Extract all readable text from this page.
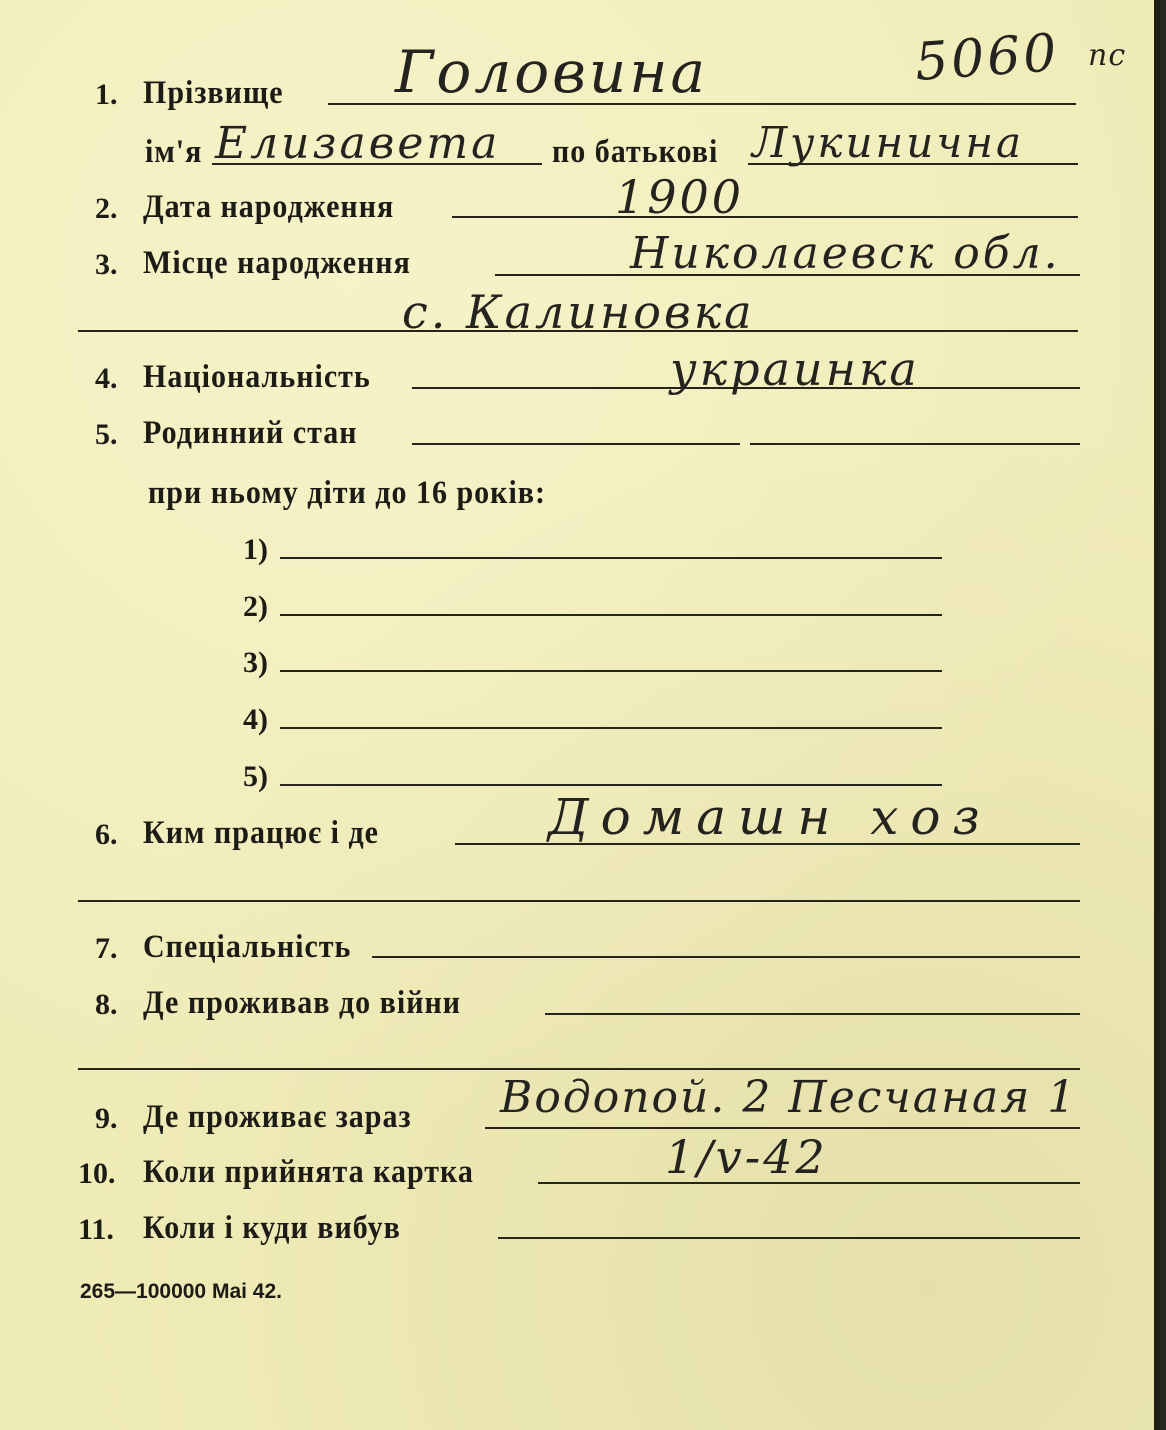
5060 пс
1. Прізвище Головина
ім'я Елизавета по батькові Лукинична
2. Дата народження	1900
3. Місце народження	Николаевск обл.
с. Калиновка
4. Національність	украинка
5. Родинний стан
при ньому діти до 16 років:
1)
2)
3)
4)
5)
6. Ким працює і де	Домашн хоз
7. Спеціальність
8. Де проживав до війни
9. Де проживає зараз Водопой. 2 Песчаная 1
10. Коли прийнята картка	1/v-42
11. Коли і куди вибув
265—100000 Mai 42.
